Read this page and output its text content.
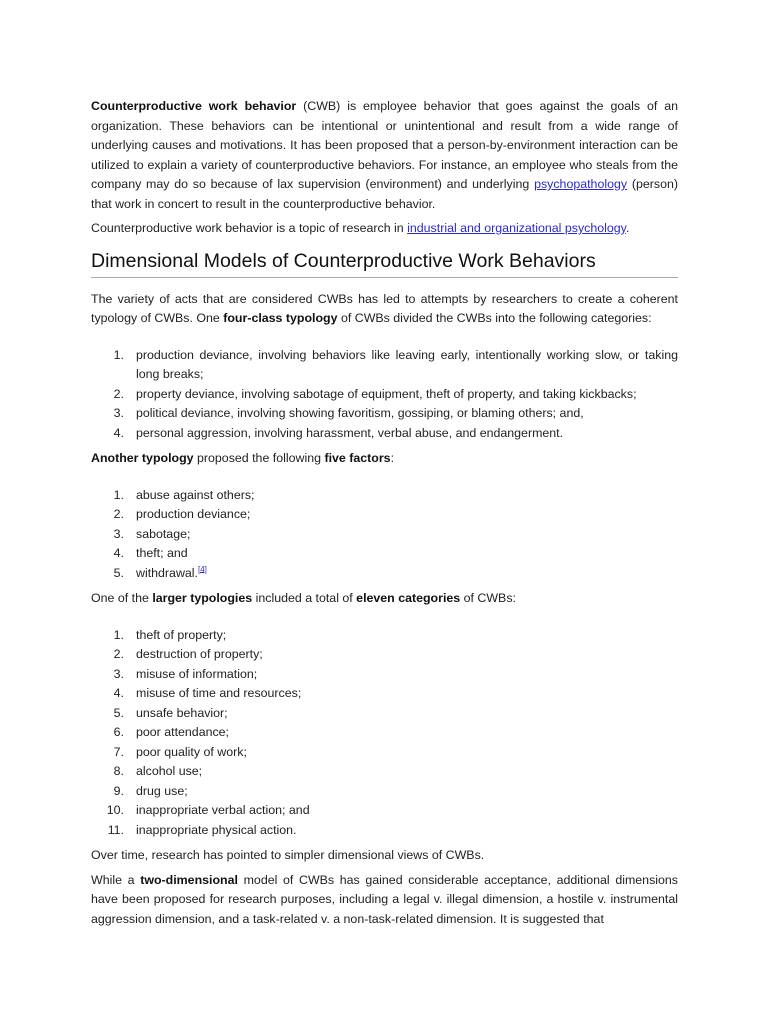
Counterproductive work behavior (CWB) is employee behavior that goes against the goals of an organization. These behaviors can be intentional or unintentional and result from a wide range of underlying causes and motivations. It has been proposed that a person-by-environment interaction can be utilized to explain a variety of counterproductive behaviors. For instance, an employee who steals from the company may do so because of lax supervision (environment) and underlying psychopathology (person) that work in concert to result in the counterproductive behavior.

Counterproductive work behavior is a topic of research in industrial and organizational psychology.

Dimensional Models of Counterproductive Work Behaviors

The variety of acts that are considered CWBs has led to attempts by researchers to create a coherent typology of CWBs. One four-class typology of CWBs divided the CWBs into the following categories:

1. production deviance, involving behaviors like leaving early, intentionally working slow, or taking long breaks;
2. property deviance, involving sabotage of equipment, theft of property, and taking kickbacks;
3. political deviance, involving showing favoritism, gossiping, or blaming others; and,
4. personal aggression, involving harassment, verbal abuse, and endangerment.

Another typology proposed the following five factors:

1. abuse against others;
2. production deviance;
3. sabotage;
4. theft; and
5. withdrawal.[4]

One of the larger typologies included a total of eleven categories of CWBs:

1. theft of property;
2. destruction of property;
3. misuse of information;
4. misuse of time and resources;
5. unsafe behavior;
6. poor attendance;
7. poor quality of work;
8. alcohol use;
9. drug use;
10. inappropriate verbal action; and
11. inappropriate physical action.

Over time, research has pointed to simpler dimensional views of CWBs.

While a two-dimensional model of CWBs has gained considerable acceptance, additional dimensions have been proposed for research purposes, including a legal v. illegal dimension, a hostile v. instrumental aggression dimension, and a task-related v. a non-task-related dimension. It is suggested that
